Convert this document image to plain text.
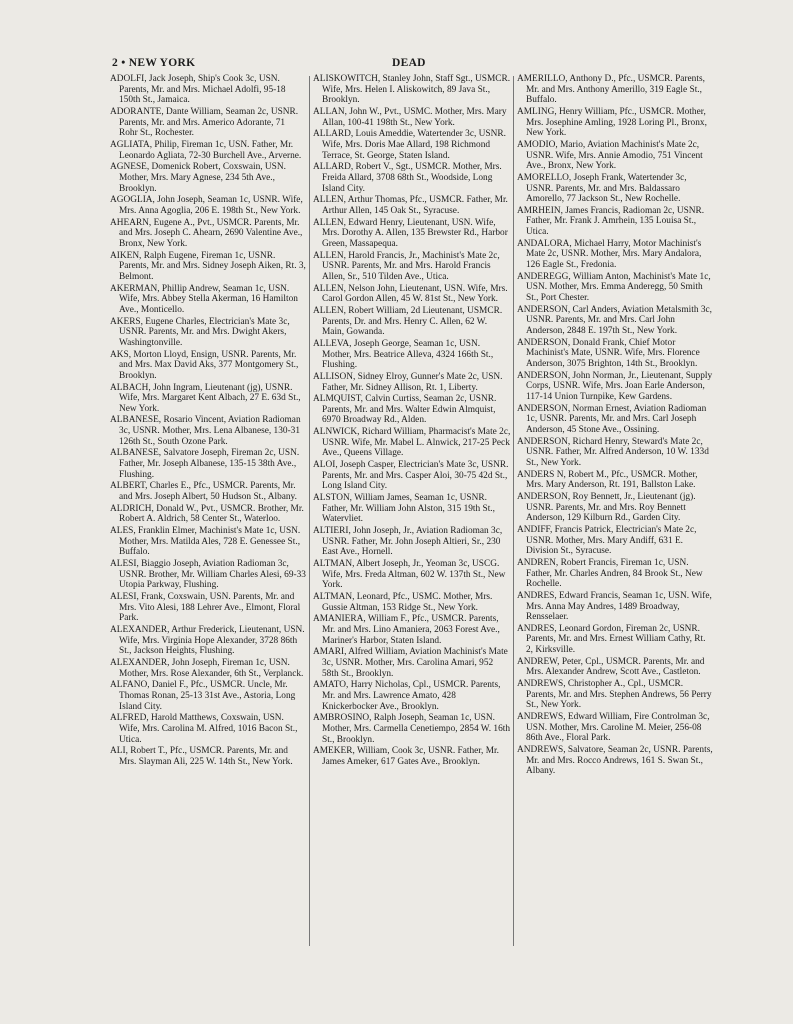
2 • NEW YORK	DEAD

ADOLFI, Jack Joseph, Ship's Cook 3c, USN. Parents, Mr. and Mrs. Michael Adolfi, 95-18 150th St., Jamaica.

ADORANTE, Dante William, Seaman 2c, USNR. Parents, Mr. and Mrs. Americo Adorante, 71 Rohr St., Rochester.

AGLIATA, Philip, Fireman 1c, USN. Father, Mr. Leonardo Agliata, 72-30 Burchell Ave., Arverne.

AGNESE, Domenick Robert, Coxswain, USN. Mother, Mrs. Mary Agnese, 234 5th Ave., Brooklyn.

AGOGLIA, John Joseph, Seaman 1c, USNR. Wife, Mrs. Anna Agoglia, 206 E. 198th St., New York.

AHEARN, Eugene A., Pvt., USMCR. Parents, Mr. and Mrs. Joseph C. Ahearn, 2690 Valentine Ave., Bronx, New York.

AIKEN, Ralph Eugene, Fireman 1c, USNR. Parents, Mr. and Mrs. Sidney Joseph Aiken, Rt. 3, Belmont.

AKERMAN, Phillip Andrew, Seaman 1c, USN. Wife, Mrs. Abbey Stella Akerman, 16 Hamilton Ave., Monticello.

AKERS, Eugene Charles, Electrician's Mate 3c, USNR. Parents, Mr. and Mrs. Dwight Akers, Washingtonville.

AKS, Morton Lloyd, Ensign, USNR. Parents, Mr. and Mrs. Max David Aks, 377 Montgomery St., Brooklyn.

ALBACH, John Ingram, Lieutenant (jg), USNR. Wife, Mrs. Margaret Kent Albach, 27 E. 63d St., New York.

ALBANESE, Rosario Vincent, Aviation Radioman 3c, USNR. Mother, Mrs. Lena Albanese, 130-31 126th St., South Ozone Park.

ALBANESE, Salvatore Joseph, Fireman 2c, USN. Father, Mr. Joseph Albanese, 135-15 38th Ave., Flushing.

ALBERT, Charles E., Pfc., USMCR. Parents, Mr. and Mrs. Joseph Albert, 50 Hudson St., Albany.

ALDRICH, Donald W., Pvt., USMCR. Brother, Mr. Robert A. Aldrich, 58 Center St., Waterloo.

ALES, Franklin Elmer, Machinist's Mate 1c, USN. Mother, Mrs. Matilda Ales, 728 E. Genessee St., Buffalo.

ALESI, Biaggio Joseph, Aviation Radioman 3c, USNR. Brother, Mr. William Charles Alesi, 69-33 Utopia Parkway, Flushing.

ALESI, Frank, Coxswain, USN. Parents, Mr. and Mrs. Vito Alesi, 188 Lehrer Ave., Elmont, Floral Park.

ALEXANDER, Arthur Frederick, Lieutenant, USN. Wife, Mrs. Virginia Hope Alexander, 3728 86th St., Jackson Heights, Flushing.

ALEXANDER, John Joseph, Fireman 1c, USN. Mother, Mrs. Rose Alexander, 6th St., Verplanck.

ALFANO, Daniel F., Pfc., USMCR. Uncle, Mr. Thomas Ronan, 25-13 31st Ave., Astoria, Long Island City.

ALFRED, Harold Matthews, Coxswain, USN. Wife, Mrs. Carolina M. Alfred, 1016 Bacon St., Utica.

ALI, Robert T., Pfc., USMCR. Parents, Mr. and Mrs. Slayman Ali, 225 W. 14th St., New York.

ALISKOWITCH, Stanley John, Staff Sgt., USMCR. Wife, Mrs. Helen I. Aliskowitch, 89 Java St., Brooklyn.

ALLAN, John W., Pvt., USMC. Mother, Mrs. Mary Allan, 100-41 198th St., New York.

ALLARD, Louis Ameddie, Watertender 3c, USNR. Wife, Mrs. Doris Mae Allard, 198 Richmond Terrace, St. George, Staten Island.

ALLARD, Robert V., Sgt., USMCR. Mother, Mrs. Freida Allard, 3708 68th St., Woodside, Long Island City.

ALLEN, Arthur Thomas, Pfc., USMCR. Father, Mr. Arthur Allen, 145 Oak St., Syracuse.

ALLEN, Edward Henry, Lieutenant, USN. Wife, Mrs. Dorothy A. Allen, 135 Brewster Rd., Harbor Green, Massapequa.

ALLEN, Harold Francis, Jr., Machinist's Mate 2c, USNR. Parents, Mr. and Mrs. Harold Francis Allen, Sr., 510 Tilden Ave., Utica.

ALLEN, Nelson John, Lieutenant, USN. Wife, Mrs. Carol Gordon Allen, 45 W. 81st St., New York.

ALLEN, Robert William, 2d Lieutenant, USMCR. Parents, Dr. and Mrs. Henry C. Allen, 62 W. Main, Gowanda.

ALLEVA, Joseph George, Seaman 1c, USN. Mother, Mrs. Beatrice Alleva, 4324 166th St., Flushing.

ALLISON, Sidney Elroy, Gunner's Mate 2c, USN. Father, Mr. Sidney Allison, Rt. 1, Liberty.

ALMQUIST, Calvin Curtiss, Seaman 2c, USNR. Parents, Mr. and Mrs. Walter Edwin Almquist, 6970 Broadway Rd., Alden.

ALNWICK, Richard William, Pharmacist's Mate 2c, USNR. Wife, Mr. Mabel L. Alnwick, 217-25 Peck Ave., Queens Village.

ALOI, Joseph Casper, Electrician's Mate 3c, USNR. Parents, Mr. and Mrs. Casper Aloi, 30-75 42d St., Long Island City.

ALSTON, William James, Seaman 1c, USNR. Father, Mr. William John Alston, 315 19th St., Watervliet.

ALTIERI, John Joseph, Jr., Aviation Radioman 3c, USNR. Father, Mr. John Joseph Altieri, Sr., 230 East Ave., Hornell.

ALTMAN, Albert Joseph, Jr., Yeoman 3c, USCG. Wife, Mrs. Freda Altman, 602 W. 137th St., New York.

ALTMAN, Leonard, Pfc., USMC. Mother, Mrs. Gussie Altman, 153 Ridge St., New York.

AMANIERA, William F., Pfc., USMCR. Parents, Mr. and Mrs. Lino Amaniera, 2063 Forest Ave., Mariner's Harbor, Staten Island.

AMARI, Alfred William, Aviation Machinist's Mate 3c, USNR. Mother, Mrs. Carolina Amari, 952 58th St., Brooklyn.

AMATO, Harry Nicholas, Cpl., USMCR. Parents, Mr. and Mrs. Lawrence Amato, 428 Knickerbocker Ave., Brooklyn.

AMBROSINO, Ralph Joseph, Seaman 1c, USN. Mother, Mrs. Carmella Cenetiempo, 2854 W. 16th St., Brooklyn.

AMEKER, William, Cook 3c, USNR. Father, Mr. James Ameker, 617 Gates Ave., Brooklyn.

AMERILLO, Anthony D., Pfc., USMCR. Parents, Mr. and Mrs. Anthony Amerillo, 319 Eagle St., Buffalo.

AMLING, Henry William, Pfc., USMCR. Mother, Mrs. Josephine Amling, 1928 Loring Pl., Bronx, New York.

AMODIO, Mario, Aviation Machinist's Mate 2c, USNR. Wife, Mrs. Annie Amodio, 751 Vincent Ave., Bronx, New York.

AMORELLO, Joseph Frank, Watertender 3c, USNR. Parents, Mr. and Mrs. Baldassaro Amorello, 77 Jackson St., New Rochelle.

AMRHEIN, James Francis, Radioman 2c, USNR. Father, Mr. Frank J. Amrhein, 135 Louisa St., Utica.

ANDALORA, Michael Harry, Motor Machinist's Mate 2c, USNR. Mother, Mrs. Mary Andalora, 126 Eagle St., Fredonia.

ANDEREGG, William Anton, Machinist's Mate 1c, USN. Mother, Mrs. Emma Anderegg, 50 Smith St., Port Chester.

ANDERSON, Carl Anders, Aviation Metalsmith 3c, USNR. Parents, Mr. and Mrs. Carl John Anderson, 2848 E. 197th St., New York.

ANDERSON, Donald Frank, Chief Motor Machinist's Mate, USNR. Wife, Mrs. Florence Anderson, 3075 Brighton, 14th St., Brooklyn.

ANDERSON, John Norman, Jr., Lieutenant, Supply Corps, USNR. Wife, Mrs. Joan Earle Anderson, 117-14 Union Turnpike, Kew Gardens.

ANDERSON, Norman Ernest, Aviation Radioman 1c, USNR. Parents, Mr. and Mrs. Carl Joseph Anderson, 45 Stone Ave., Ossining.

ANDERSON, Richard Henry, Steward's Mate 2c, USNR. Father, Mr. Alfred Anderson, 10 W. 133d St., New York.

ANDERS N, Robert M., Pfc., USMCR. Mother, Mrs. Mary Anderson, Rt. 191, Ballston Lake.

ANDERSON, Roy Bennett, Jr., Lieutenant (jg). USNR. Parents, Mr. and Mrs. Roy Bennett Anderson, 129 Kilburn Rd., Garden City.

ANDIFF, Francis Patrick, Electrician's Mate 2c, USNR. Mother, Mrs. Mary Andiff, 631 E. Division St., Syracuse.

ANDREN, Robert Francis, Fireman 1c, USN. Father, Mr. Charles Andren, 84 Brook St., New Rochelle.

ANDRES, Edward Francis, Seaman 1c, USN. Wife, Mrs. Anna May Andres, 1489 Broadway, Rensselaer.

ANDRES, Leonard Gordon, Fireman 2c, USNR. Parents, Mr. and Mrs. Ernest William Cathy, Rt. 2, Kirksville.

ANDREW, Peter, Cpl., USMCR. Parents, Mr. and Mrs. Alexander Andrew, Scott Ave., Castleton.

ANDREWS, Christopher A., Cpl., USMCR. Parents, Mr. and Mrs. Stephen Andrews, 56 Perry St., New York.

ANDREWS, Edward William, Fire Controlman 3c, USN. Mother, Mrs. Caroline M. Meier, 256-08 86th Ave., Floral Park.

ANDREWS, Salvatore, Seaman 2c, USNR. Parents, Mr. and Mrs. Rocco Andrews, 161 S. Swan St., Albany.
